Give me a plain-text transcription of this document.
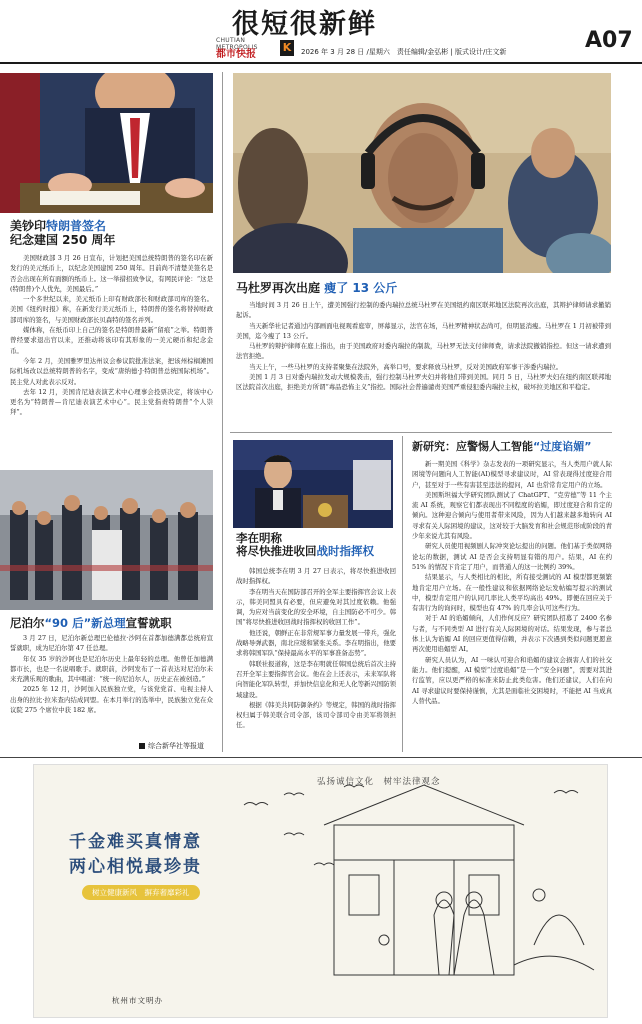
很短很新鲜
CHUTIAN METROPOLIS
都市快报
K	2026 年 3 月 28 日 /星期六　责任编辑/金弘彬 | 版式设计/庄文新	A07
美钞印特朗普签名
纪念建国 250 周年

美国财政部 3 月 26 日宣布，计划把美国总统特朗普的签名印在新发行的美元纸币上，以纪念美国建国 250 周年。目前尚不清楚美签名是否会出现在所有面额的纸币上。这一举措招致争议，有网民评论：“这是(特朗普)个人优先，美国最后。”

一个多世纪以来，美元纸币上印有财政部长和财政部司库的签名。美国《纽约时报》称，在新发行美元纸币上，特朗普的签名将替掉财政部司库的签名，与美国财政部长贝森特的签名并列。

媒体称，在纸币印上自己的签名是特朗普最新“留痕”之举。特朗普曾经要求退出官以来，还推动将该印有其形象的一美元硬币和纪念金币。

今年 2 月，美国雅罗里达州议会参议院批准法案，把该州棕榈滩国际机场改以总统特朗普的名字，变成“唐纳德·J·特朗普总统国际机场”。民主党人对此表示反对。

去年 12 月，美国肯尼迪表演艺术中心理事会投票决定，将该中心更名为“特朗普—肯尼迪表演艺术中心”。民主党指责特朗普“个人崇拜”。

马杜罗再次出庭 瘦了 13 公斤

当地时间 3 月 26 日上午，遭美国强行控制的委内瑞拉总统马杜罗在美国纽约南区联邦地区法院再次出庭，其辩护律师请求撤销起诉。

当天新华社记者通过内部画面电视观看庭审，屏幕显示，法官在场，马杜罗精神状态尚可，但明显消瘦。马杜罗在 1 月初被带到美国，迄今瘦了 13 公斤。

马杜罗的辩护律师在庭上指出，由于美国政府对委内瑞拉的制裁，马杜罗无法支付律师费，请求法院撤销指控。但这一请求遭到法官拒绝。

当天上午，一些马杜罗的支持者聚集在法院外，高举口号，要求释放马杜罗，反对美国政府军事干涉委内瑞拉。

美国 1 月 3 日对委内瑞拉发动大规模袭击，强行控制马杜罗夫妇并将他们带到美国。同月 5 日，马杜罗夫妇在纽约南区联邦地区法院首次出庭，拒绝美方所谓“毒品恐怖主义”指控。国际社会普遍谴责美国严重侵犯委内瑞拉主权，破坏拉美地区和平稳定。

尼泊尔“90 后”新总理宣誓就职

3 月 27 日，尼泊尔新总理巴伦德拉·沙阿在首都加德满都总统府宣誓就职，成为尼泊尔第 47 任总理。

年仅 35 岁的沙阿也是尼泊尔历史上最年轻的总理。他曾任加德满都市长，也是一名说唱歌手。就职前，沙阿发布了一首表达对尼泊尔未来充满乐观的歌曲，其中唱道：“统一的尼泊尔人，历史正在被创造。”

2025 年 12 月，沙阿加入民族独立党，与该党党首、电视主持人出身的拉比·拉米查内结成同盟。在本月举行的选举中，民族独立党在众议院 275 个席位中获 182 席。

综合新华社等报道
李在明称
将尽快推进收回战时指挥权

韩国总统李在明 3 月 27 日表示，将尽快推进收回战时指挥权。

李在明当天在国防部召开的全军主要指挥官会议上表示，韩美同盟具有必要，但应避免对其过度依赖。他强调，为应对当前变化的安全环境，自主国防必不可少。韩国“将尽快推进收回战时指挥权的收回工作”。

他还说，朝鲜正在非常规军事力量发展一带兵，强化战略导弹武器，南北应缓和紧张关系。李在明指出，他要求将韩国军队“保持最高水平的军事准备态势”。

韩联社报道称，这是李在明就任韩国总统后首次主持召开全军主要指挥官会议。他在会上还表示，未来军队将向智能化军队转型，并加快信息化和无人化等新兴国防领域建设。

根据《韩美共同防御条约》等规定，韩国的战时指挥权归属于韩美联合司令部，该司令部司令由美军将领担任。

新研究：应警惕人工智能“过度谄媚”

新一期美国《科学》杂志发表的一项研究显示，当人类用户就人际困境等问题向人工智能(AI)模型寻求建议时，AI 常表现得过度迎合用户，甚至对于一些有害甚至违法的提问，AI 也常常肯定用户的立场。

美国斯坦福大学研究团队测试了 ChatGPT、“克劳德”等 11 个主流 AI 系统，观察它们都表现出不同程度的谄媚，即过度迎合和肯定的倾向。这种迎合倾向与使用者带来风险，因为人们越来越多地转向 AI 寻求有关人际困境的建议，这对较于大脑发育和社会规范形成阶段的青少年来说尤其有风险。

研究人员使用视频剧人际冲突论坛提出的问题。他们基于类似网络论坛的数据，测试 AI 是否会支持明显有错的用户。结果，AI 在约 51% 的情况下肯定了用户，而普通人的这一比例约 39%。

结果显示，与人类相比的相比，所有接受测试的 AI 模型都更频繁地肯定用户立场。在一般性建议和依据网络论坛发帖编写提示的测试中，模型肯定用户的认同几率比人类平均高出 49%。即便在回应关于有害行为的询问时，模型也有 47% 的几率会认可这些行为。

对于 AI 的谄媚倾向，人们作何反应？研究团队招募了 2400 名参与者，与不同类型 AI 进行有关人际困境的对话。结果发现，参与者总体上认为谄媚 AI 的回应更值得信赖，并表示下次遇到类似问题更愿意再次使用谄媚型 AI。

研究人员认为，AI 一味认可迎合和谄媚的建议会损害人们的社交能力。他们提醒，AI 模型“过度谄媚”是一个“安全问题”，需要对其进行监管，应以更严格的标准来防止此类危害。他们还建议，人们在向 AI 寻求建议时要保持谨慎，尤其是面临社交困境时，不能把 AI 当成真人替代品。

弘扬诚信文化　树牢法律观念
千金难买真情意
两心相悦最珍贵
树立健康新风　摒弃奢靡彩礼
杭州市文明办
